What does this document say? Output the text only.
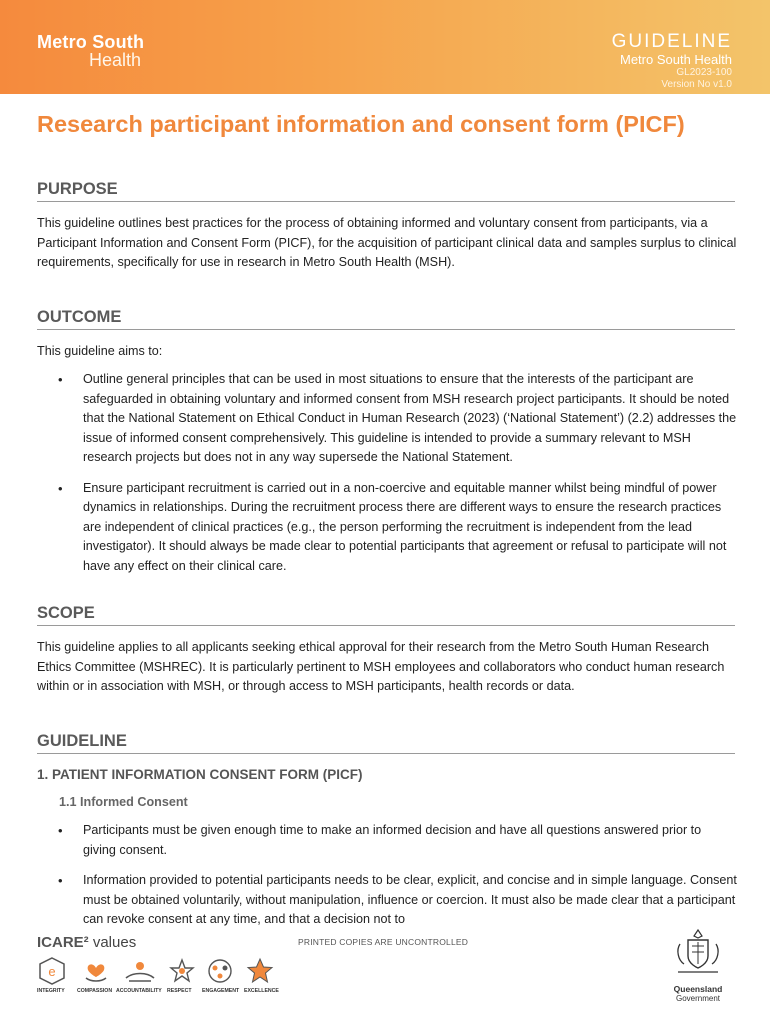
Metro South
Health
GUIDELINE
Metro South Health
GL2023-100
Version No v1.0
Research participant information and consent form (PICF)
PURPOSE

This guideline outlines best practices for the process of obtaining informed and voluntary consent from participants, via a Participant Information and Consent Form (PICF), for the acquisition of participant clinical data and samples surplus to clinical requirements, specifically for use in research in Metro South Health (MSH).

OUTCOME

This guideline aims to:

• Outline general principles that can be used in most situations to ensure that the interests of the participant are safeguarded in obtaining voluntary and informed consent from MSH research project participants. It should be noted that the National Statement on Ethical Conduct in Human Research (2023) (‘National Statement’) (2.2) addresses the issue of informed consent comprehensively. This guideline is intended to provide a summary relevant to MSH research projects but does not in any way supersede the National Statement.
• Ensure participant recruitment is carried out in a non-coercive and equitable manner whilst being mindful of power dynamics in relationships. During the recruitment process there are different ways to ensure the research practices are independent of clinical practices (e.g., the person performing the recruitment is independent from the lead investigator). It should always be made clear to potential participants that agreement or refusal to participate will not have any effect on their clinical care.
SCOPE

This guideline applies to all applicants seeking ethical approval for their research from the Metro South Human Research Ethics Committee (MSHREC). It is particularly pertinent to MSH employees and collaborators who conduct human research within or in association with MSH, or through access to MSH participants, health records or data.

GUIDELINE
1. PATIENT INFORMATION CONSENT FORM (PICF)
1.1 Informed Consent
• Participants must be given enough time to make an informed decision and have all questions answered prior to giving consent.
• Information provided to potential participants needs to be clear, explicit, and concise and in simple language. Consent must be obtained voluntarily, without manipulation, influence or coercion. It must also be made clear that a participant can revoke consent at any time, and that a decision not to
PRINTED COPIES ARE UNCONTROLLED
ICARE² values
e
INTEGRITY COMPASSION ACCOUNTABILITY RESPECT ENGAGEMENT EXCELLENCE	Queensland
Government
